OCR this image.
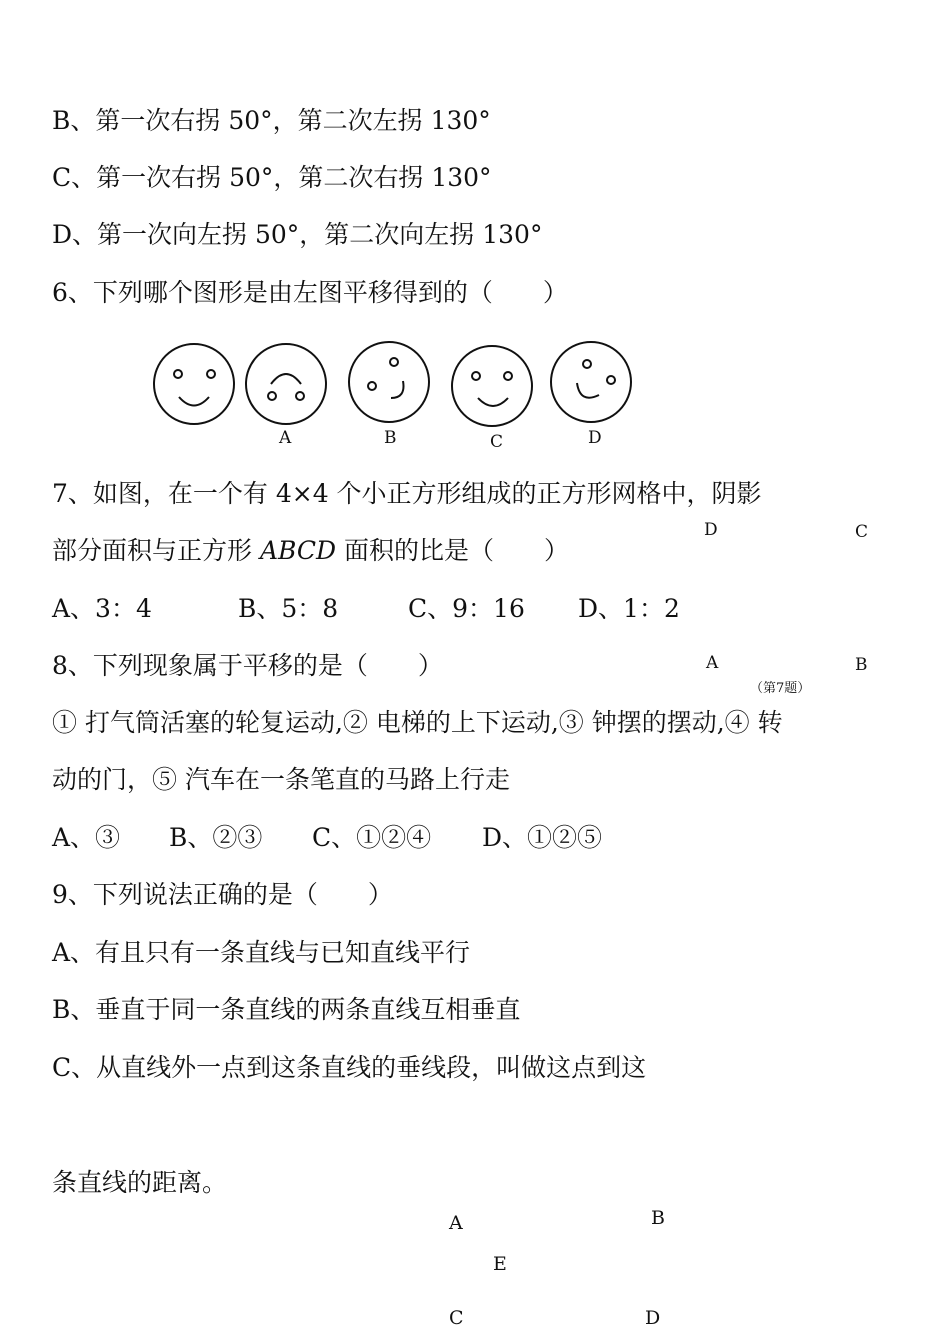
B、第一次右拐 50°，第二次左拐 130°
C、第一次右拐 50°，第二次右拐 130°
D、第一次向左拐 50°，第二次向左拐 130°
6、下列哪个图形是由左图平移得到的（　　）
A	B	C	D
7、如图，在一个有 4×4 个小正方形组成的正方形网格中，阴影
部分面积与正方形 ABCD 面积的比是（　　）
D	C
A	B
（第7题）
A、3：4	B、5：8	C、9：16 D、1：2
8、下列现象属于平移的是（　　）
① 打气筒活塞的轮复运动,② 电梯的上下运动,③ 钟摆的摆动,④ 转
动的门，⑤ 汽车在一条笔直的马路上行走
A、③ B、②③ C、①②④ D、①②⑤
9、下列说法正确的是（　　）
A、有且只有一条直线与已知直线平行
B、垂直于同一条直线的两条直线互相垂直
C、从直线外一点到这条直线的垂线段，叫做这点到这
条直线的距离。
A	B
E
C	D
